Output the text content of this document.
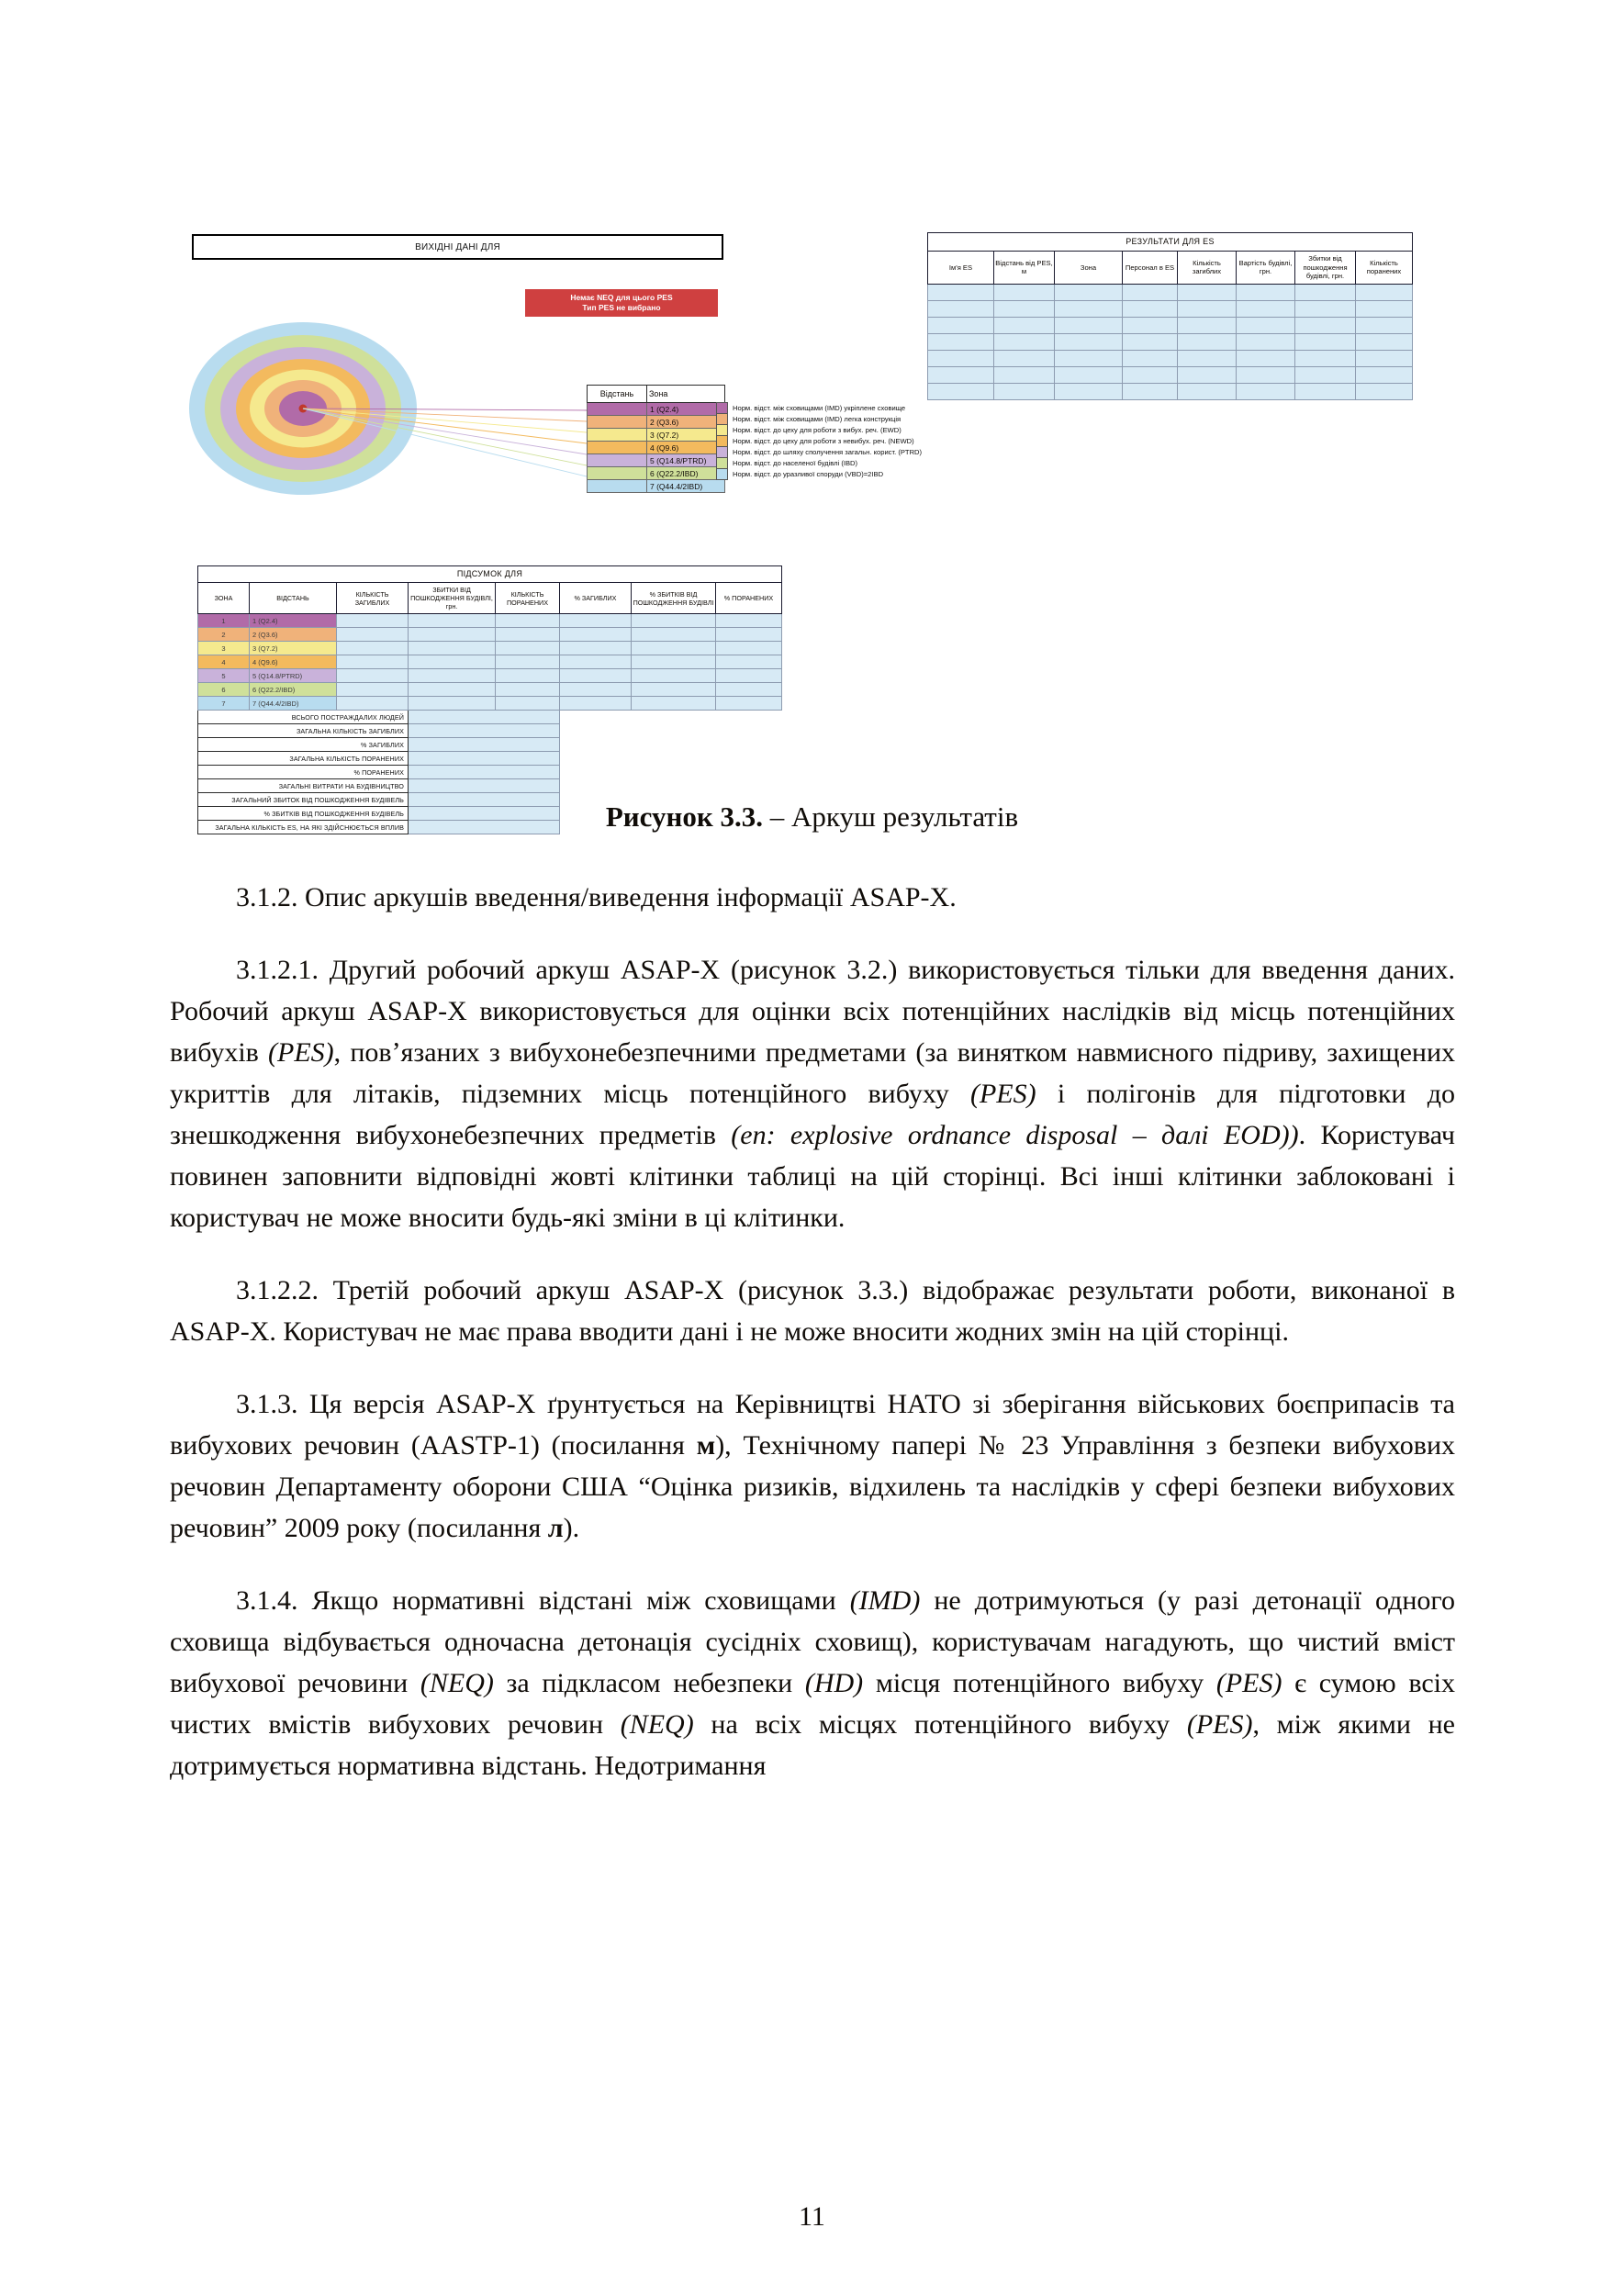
ВИХІДНІ ДАНІ ДЛЯ
Немає NEQ для цього PES
Тип PES не вибрано
Відстань	Зона
	1 (Q2.4)
	2 (Q3.6)
	3 (Q7.2)
	4 (Q9.6)
	5 (Q14.8/PTRD)
	6 (Q22.2/IBD)
	7 (Q44.4/2IBD)
Норм. відст. між сховищами (IMD) укріплене сховище
Норм. відст. між сховищами (IMD) легка конструкція
Норм. відст. до цеху для роботи з вибух. реч. (EWD)
Норм. відст. до цеху для роботи з невибух. реч. (NEWD)
Норм. відст. до шляху сполучення загальн. корист. (PTRD)
Норм. відст. до населеної будівлі (IBD)
Норм. відст. до уразливої споруди (VBD)=2IBD
РЕЗУЛЬТАТИ ДЛЯ ES							
Ім'я ES	Відстань від PES, м	Зона	Персонал в ES	Кількість загиблих	Вартість будівлі, грн.	Збитки від пошкодження будівлі, грн.	Кількість поранених

ПІДСУМОК ДЛЯ							
ЗОНА	ВІДСТАНЬ	КІЛЬКІСТЬ ЗАГИБЛИХ	ЗБИТКИ ВІД ПОШКОДЖЕННЯ БУДІВЛІ, грн.	КІЛЬКІСТЬ ПОРАНЕНИХ	% ЗАГИБЛИХ	% ЗБИТКІВ ВІД ПОШКОДЖЕННЯ БУДІВЛІ	% ПОРАНЕНИХ
1	1 (Q2.4)						
2	2 (Q3.6)						
3	3 (Q7.2)						
4	4 (Q9.6)						
5	5 (Q14.8/PTRD)						
6	6 (Q22.2/IBD)						
7	7 (Q44.4/2IBD)						
ВСЬОГО ПОСТРАЖДАЛИХ ЛЮДЕЙ							
ЗАГАЛЬНА КІЛЬКІСТЬ ЗАГИБЛИХ							
% ЗАГИБЛИХ							
ЗАГАЛЬНА КІЛЬКІСТЬ ПОРАНЕНИХ							
% ПОРАНЕНИХ							
ЗАГАЛЬНІ ВИТРАТИ НА БУДІВНИЦТВО							
ЗАГАЛЬНИЙ ЗБИТОК ВІД ПОШКОДЖЕННЯ БУДІВЕЛЬ							
% ЗБИТКІВ ВІД ПОШКОДЖЕННЯ БУДІВЕЛЬ							
ЗАГАЛЬНА КІЛЬКІСТЬ ES, НА ЯКІ ЗДІЙСНЮЄТЬСЯ ВПЛИВ								Рисунок 3.3. – Аркуш результатів

3.1.2. Опис аркушів введення/виведення інформації ASAP-X.

3.1.2.1. Другий робочий аркуш ASAP-X (рисунок 3.2.) використовується тільки для введення даних. Робочий аркуш ASAP-X використовується для оцінки всіх потенційних наслідків від місць потенційних вибухів (PES), повʼязаних з вибухонебезпечними предметами (за винятком навмисного підриву, захищених укриттів для літаків, підземних місць потенційного вибуху (PES) і полігонів для підготовки до знешкодження вибухонебезпечних предметів (en: explosive ordnance disposal – далі EOD)). Користувач повинен заповнити відповідні жовті клітинки таблиці на цій сторінці. Всі інші клітинки заблоковані і користувач не може вносити будь-які зміни в ці клітинки.

3.1.2.2. Третій робочий аркуш ASAP-X (рисунок 3.3.) відображає результати роботи, виконаної в ASAP-X. Користувач не має права вводити дані і не може вносити жодних змін на цій сторінці.

3.1.3. Ця версія ASAP-X ґрунтується на Керівництві НАТО зі зберігання військових боєприпасів та вибухових речовин (AASTP-1) (посилання м), Технічному папері № 23 Управління з безпеки вибухових речовин Департаменту оборони США “Оцінка ризиків, відхилень та наслідків у сфері безпеки вибухових речовин” 2009 року (посилання л).

3.1.4. Якщо нормативні відстані між сховищами (IMD) не дотримуються (у разі детонації одного сховища відбувається одночасна детонація сусідніх сховищ), користувачам нагадують, що чистий вміст вибухової речовини (NEQ) за підкласом небезпеки (HD) місця потенційного вибуху (PES) є сумою всіх чистих вмістів вибухових речовин (NEQ) на всіх місцях потенційного вибуху (PES), між якими не дотримується нормативна відстань. Недотримання

11
